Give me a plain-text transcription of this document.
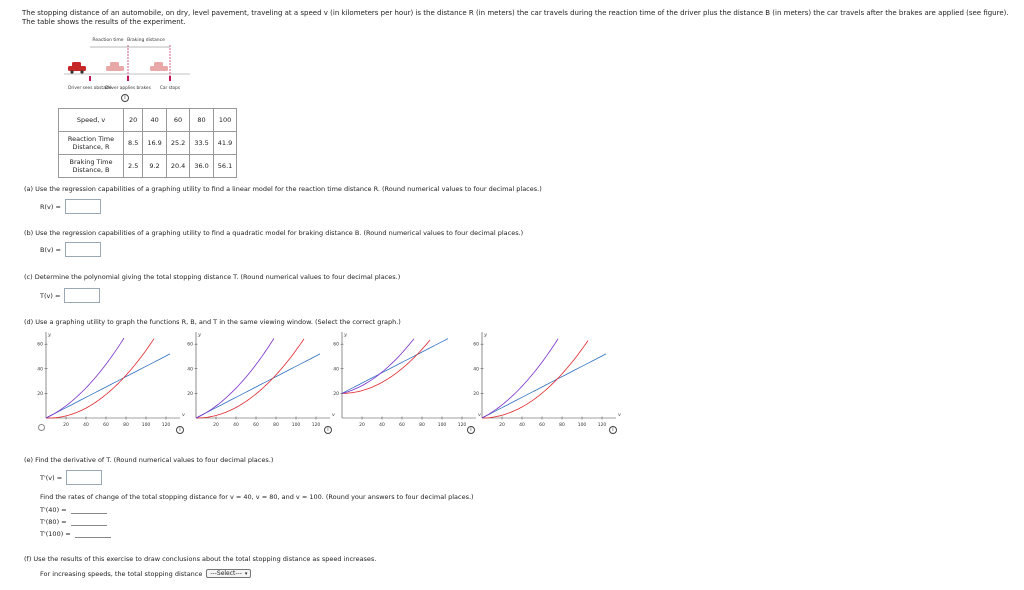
The stopping distance of an automobile, on dry, level pavement, traveling at a speed v (in kilometers per hour) is the distance R (in meters) the car travels during the reaction time of the driver plus the distance B (in meters) the car travels after the brakes are applied (see figure). The table shows the results of the experiment.
Reaction time Braking distance
Driver sees obstacle
Driver applies brakes Car stops
i
Speed, v	20	40	60	80	100
Reaction Time Distance, R	8.5	16.9	25.2	33.5	41.9
Braking Time Distance, B	2.5	9.2	20.4	36.0	56.1
(a) Use the regression capabilities of a graphing utility to find a linear model for the reaction time distance R. (Round numerical values to four decimal places.)
R(v) =
(b) Use the regression capabilities of a graphing utility to find a quadratic model for braking distance B. (Round numerical values to four decimal places.)
B(v) =
(c) Determine the polynomial giving the total stopping distance T. (Round numerical values to four decimal places.)
T(v) =
(d) Use a graphing utility to graph the functions R, B, and T in the same viewing window. (Select the correct graph.)
20	40	60	80	100	120
20
40
60
v
y
i
20	40	60	80	100	120
20
40
60
v
y
i
20	40	60	80	100	120
20
40
60
v
y
i
20	40	60	80	100	120
20
40
60
v
y
i
(e) Find the derivative of T. (Round numerical values to four decimal places.)
T'(v) =
Find the rates of change of the total stopping distance for v = 40, v = 80, and v = 100. (Round your answers to four decimal places.)
T'(40) =
T'(80) =
T'(100) =
(f) Use the results of this exercise to draw conclusions about the total stopping distance as speed increases.
For increasing speeds, the total stopping distance	---Select--- ▾
